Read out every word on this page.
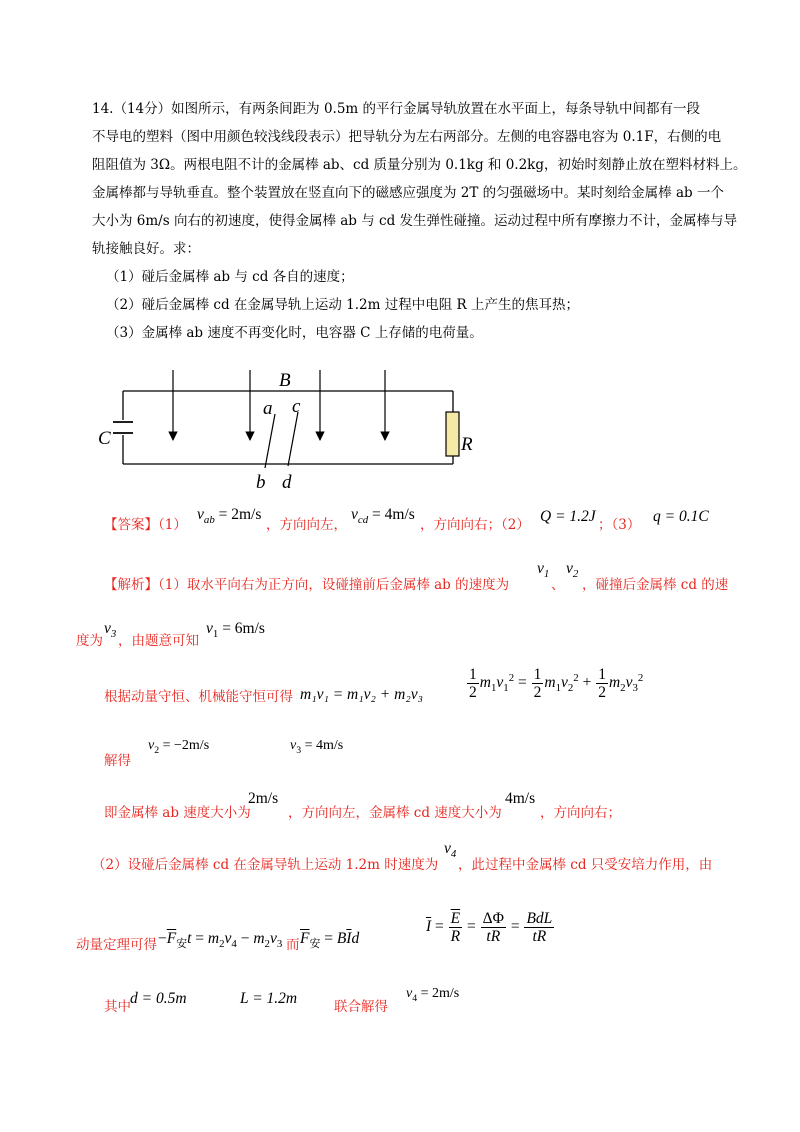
14.（14分）如图所示，有两条间距为 0.5m 的平行金属导轨放置在水平面上，每条导轨中间都有一段
不导电的塑料（图中用颜色较浅线段表示）把导轨分为左右两部分。左侧的电容器电容为 0.1F，右侧的电
阻阻值为 3Ω。两根电阻不计的金属棒 ab、cd 质量分别为 0.1kg 和 0.2kg，初始时刻静止放在塑料材料上。
金属棒都与导轨垂直。整个装置放在竖直向下的磁感应强度为 2T 的匀强磁场中。某时刻给金属棒 ab 一个
大小为 6m/s 向右的初速度，使得金属棒 ab 与 cd 发生弹性碰撞。运动过程中所有摩擦力不计，金属棒与导
轨接触良好。求：
（1）碰后金属棒 ab 与 cd 各自的速度；
（2）碰后金属棒 cd 在金属导轨上运动 1.2m 过程中电阻 R 上产生的焦耳热；
（3）金属棒 ab 速度不再变化时，电容器 C 上存储的电荷量。
B
a c
b d
C	R
【答案】（1）
$v_{ab} = 2m/s$
，方向向左，
$v_{cd} = 4m/s$
，方向向右；（2） Q = 1.2J ；（3） q = 0.1C
【解析】（1）取水平向右为正方向，设碰撞前后金属棒 ab 的速度为
$v_1$
、
$v_2$
，碰撞后金属棒 cd 的速
度为
$v_3$ ，由题意可知
$v_1 = 6m/s$
根据动量守恒、机械能守恒可得 m₁v₁ = m₁v₂ + m₂v₃	$\frac{1}{2} m_1v_1^2 = \frac{1}{2} m_1v_2^2 + \frac{1}{2} m_2v_3^2$
解得
$v_2 = -2m/s$	$v_3 = 4m/s$
即金属棒 ab 速度大小为
2m/s
，方向向左，金属棒 cd 速度大小为
4m/s
，方向向右；
（2）设碰后金属棒 cd 在金属导轨上运动 1.2m 时速度为
$v_4$
，此过程中金属棒 cd 只受安培力作用，由
动量定理可得 $-\overline{F}_安t = m_2v_4 - m_2v_3$ 而 $\overline{F}_安 = B\overline{I}d$
$\overline{I} = \frac{\overline{E}}{R} = \frac{\Delta\Phi}{tR} = \frac{\text{BdL}}{tR}$
其中 d = 0.5m	L = 1.2m	联合解得
$v_4 = 2m/s$
